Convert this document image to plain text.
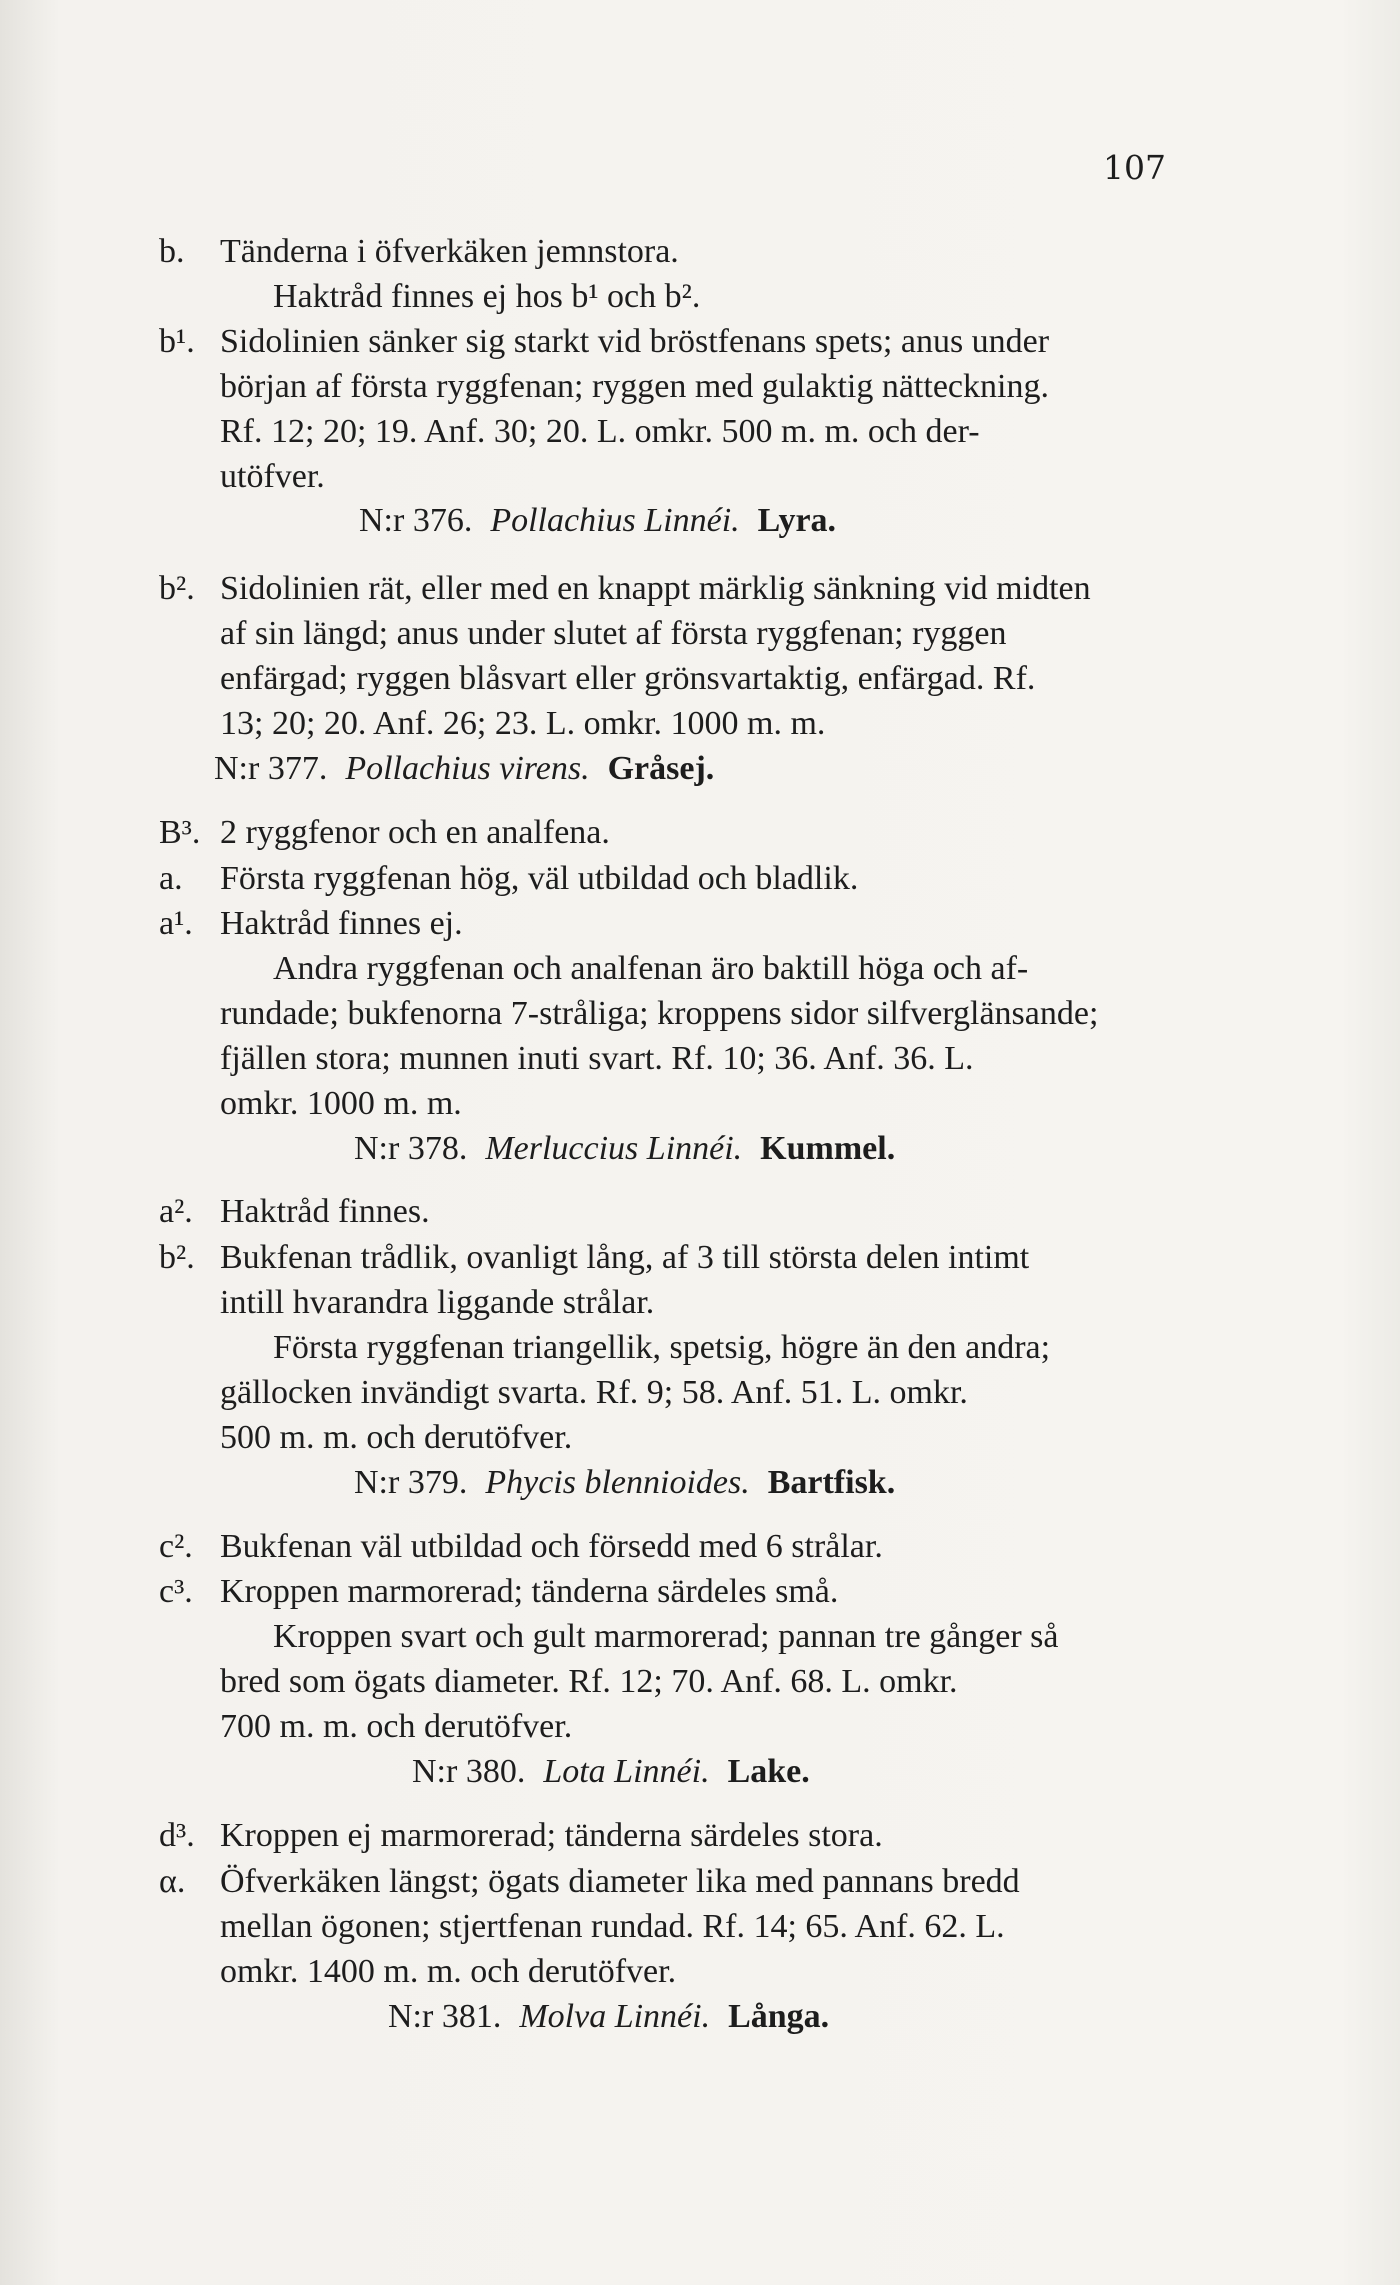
107
b. Tänderna i öfverkäken jemnstora.
Haktråd finnes ej hos b¹ och b².
b¹. Sidolinien sänker sig starkt vid bröstfenans spets; anus under
början af första ryggfenan; ryggen med gulaktig nätteckning.
Rf. 12; 20; 19. Anf. 30; 20. L. omkr. 500 m. m. och der-
utöfver.
N:r 376. Pollachius Linnéi. Lyra.
b². Sidolinien rät, eller med en knappt märklig sänkning vid midten
af sin längd; anus under slutet af första ryggfenan; ryggen
enfärgad; ryggen blåsvart eller grönsvartaktig, enfärgad. Rf.
13; 20; 20. Anf. 26; 23. L. omkr. 1000 m. m.
N:r 377. Pollachius virens. Gråsej.
B³. 2 ryggfenor och en analfena.
a. Första ryggfenan hög, väl utbildad och bladlik.
a¹. Haktråd finnes ej.
Andra ryggfenan och analfenan äro baktill höga och af-
rundade; bukfenorna 7-stråliga; kroppens sidor silfverglänsande;
fjällen stora; munnen inuti svart. Rf. 10; 36. Anf. 36. L.
omkr. 1000 m. m.
N:r 378. Merluccius Linnéi. Kummel.
a². Haktråd finnes.
b². Bukfenan trådlik, ovanligt lång, af 3 till största delen intimt
intill hvarandra liggande strålar.
Första ryggfenan triangellik, spetsig, högre än den andra;
gällocken invändigt svarta. Rf. 9; 58. Anf. 51. L. omkr.
500 m. m. och derutöfver.
N:r 379. Phycis blennioides. Bartfisk.
c². Bukfenan väl utbildad och försedd med 6 strålar.
c³. Kroppen marmorerad; tänderna särdeles små.
Kroppen svart och gult marmorerad; pannan tre gånger så
bred som ögats diameter. Rf. 12; 70. Anf. 68. L. omkr.
700 m. m. och derutöfver.
N:r 380. Lota Linnéi. Lake.
d³. Kroppen ej marmorerad; tänderna särdeles stora.
α. Öfverkäken längst; ögats diameter lika med pannans bredd
mellan ögonen; stjertfenan rundad. Rf. 14; 65. Anf. 62. L.
omkr. 1400 m. m. och derutöfver.
N:r 381. Molva Linnéi. Långa.
